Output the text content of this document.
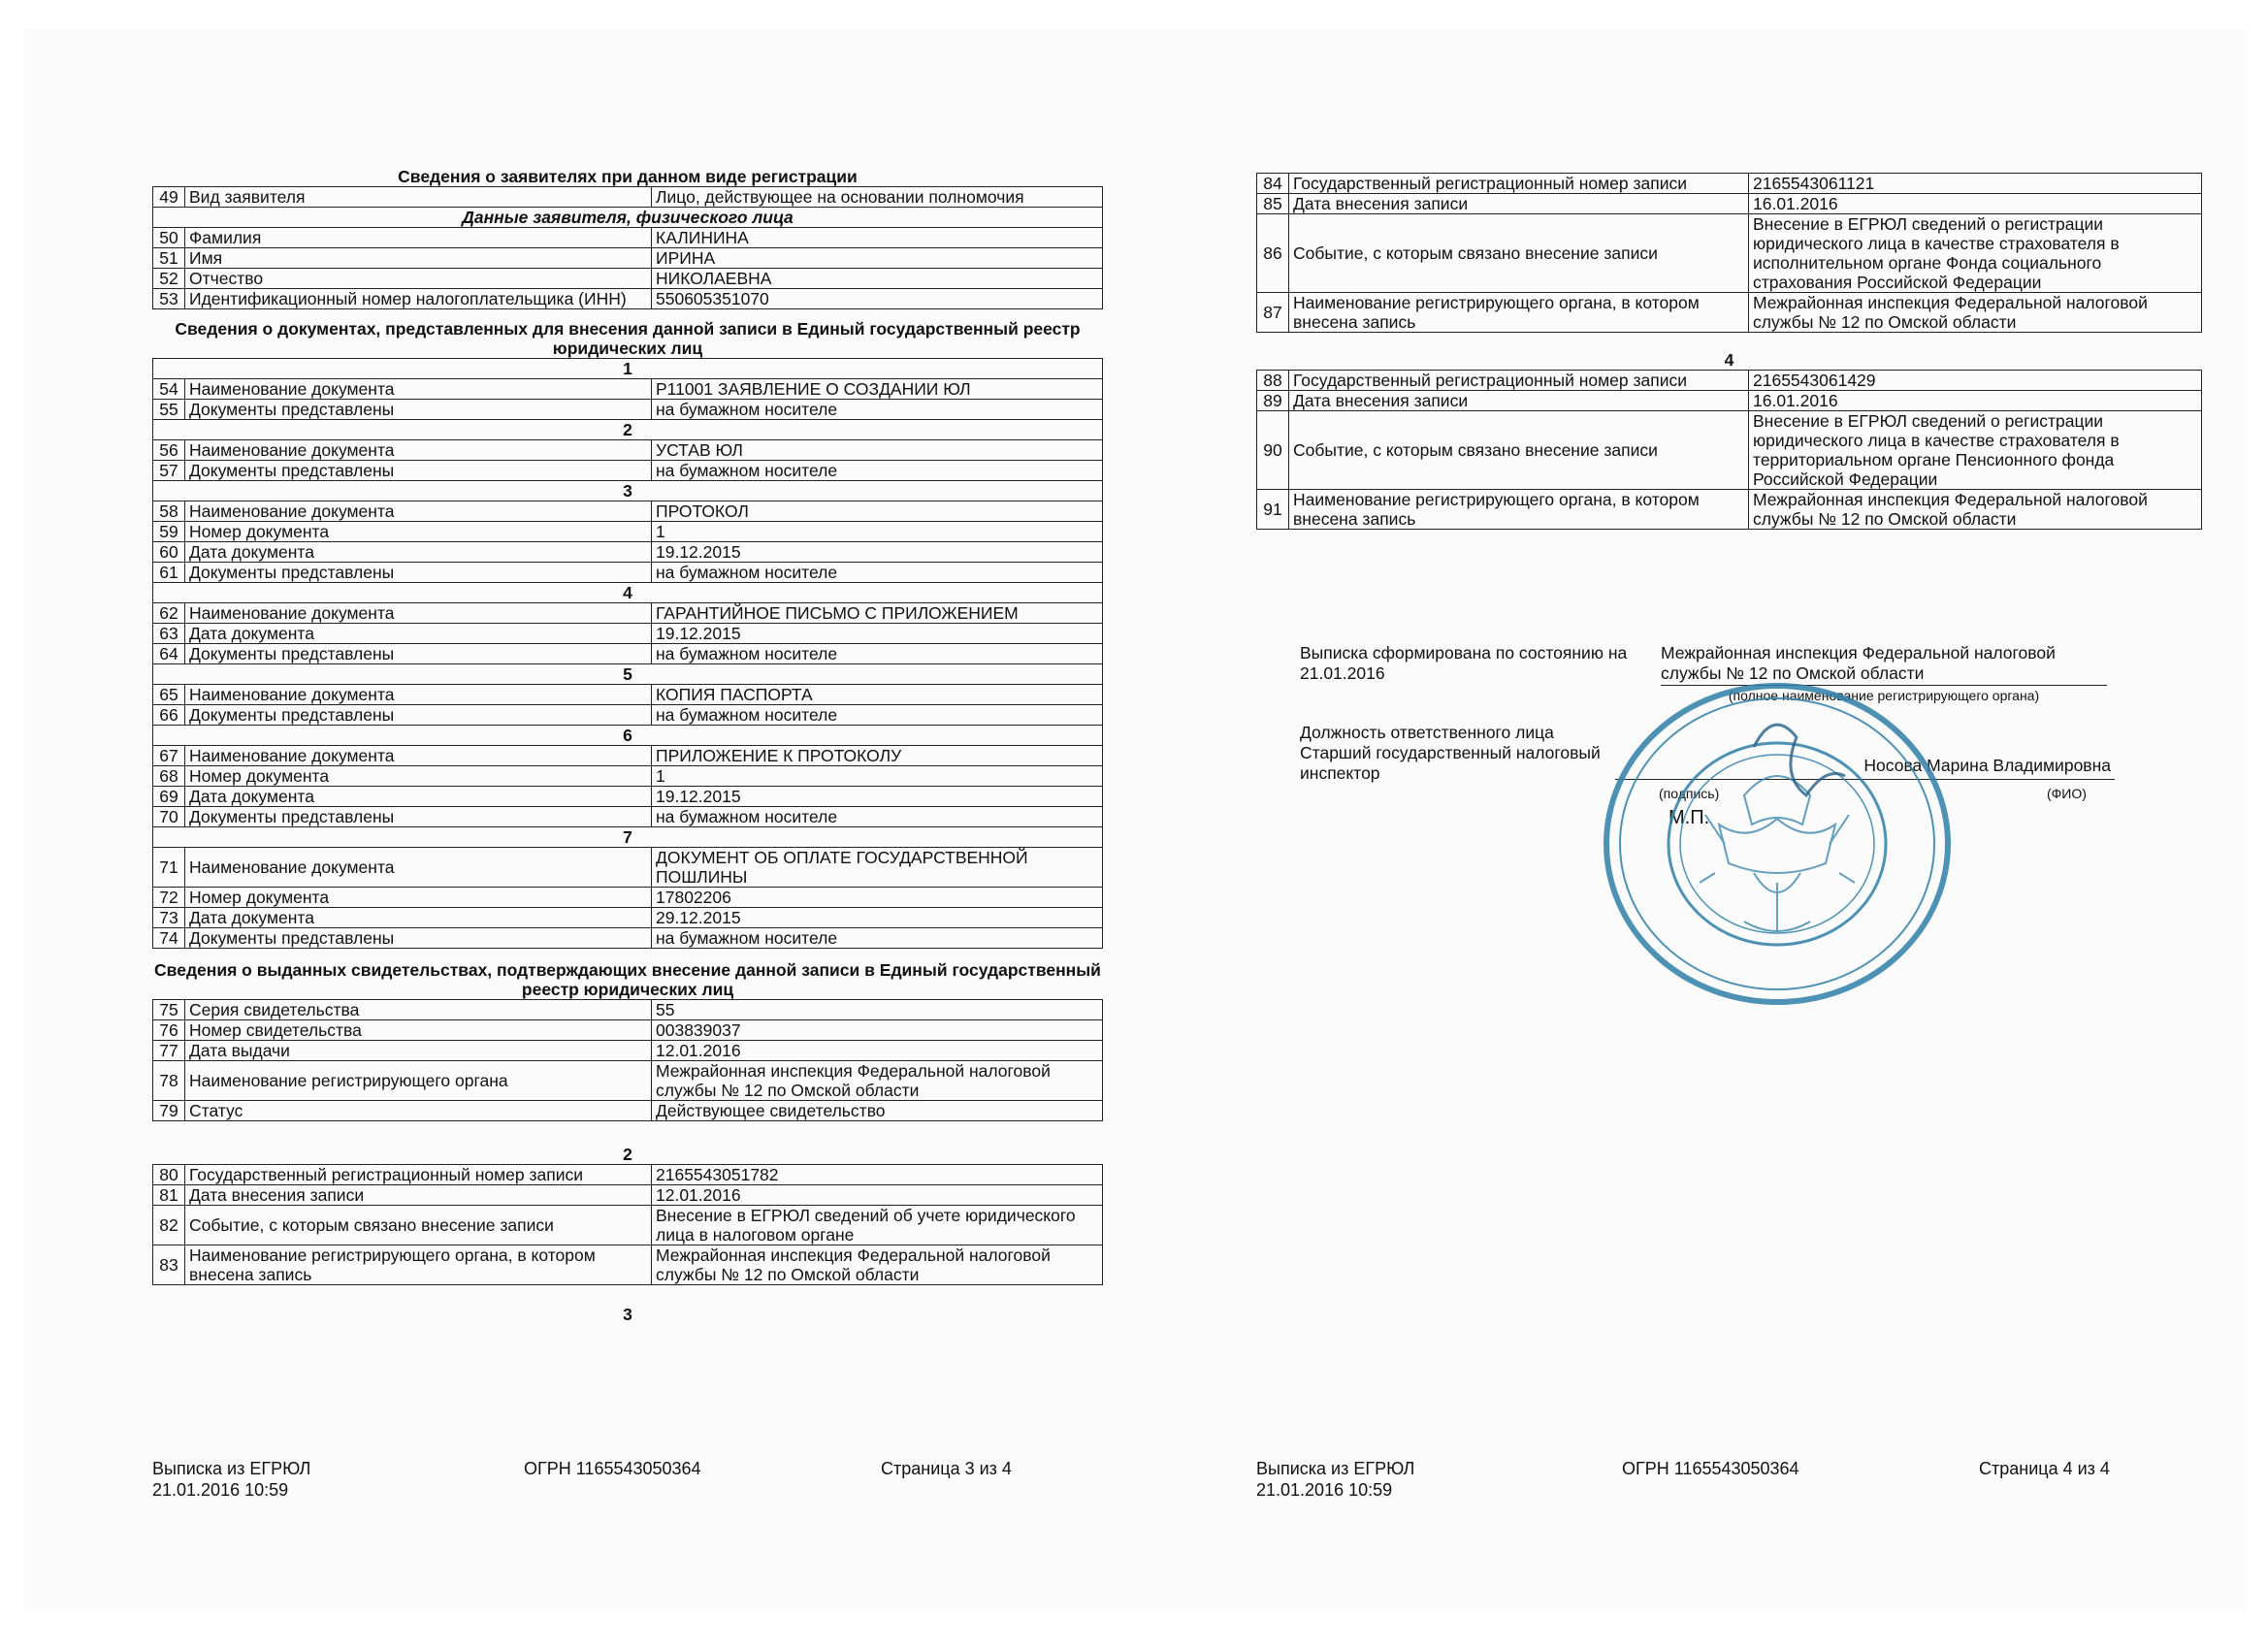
Сведения о заявителях при данном виде регистрации
49	Вид заявителя	Лицо, действующее на основании полномочия
Данные заявителя, физического лица		
50	Фамилия	КАЛИНИНА
51	Имя	ИРИНА
52	Отчество	НИКОЛАЕВНА
53	Идентификационный номер налогоплательщика (ИНН)	550605351070
Сведения о документах, представленных для внесения данной записи в Единый государственный реестр юридических лиц
1		
54	Наименование документа	Р11001 ЗАЯВЛЕНИЕ О СОЗДАНИИ ЮЛ
55	Документы представлены	на бумажном носителе
2		
56	Наименование документа	УСТАВ ЮЛ
57	Документы представлены	на бумажном носителе
3		
58	Наименование документа	ПРОТОКОЛ
59	Номер документа	1
60	Дата документа	19.12.2015
61	Документы представлены	на бумажном носителе
4		
62	Наименование документа	ГАРАНТИЙНОЕ ПИСЬМО С ПРИЛОЖЕНИЕМ
63	Дата документа	19.12.2015
64	Документы представлены	на бумажном носителе
5		
65	Наименование документа	КОПИЯ ПАСПОРТА
66	Документы представлены	на бумажном носителе
6		
67	Наименование документа	ПРИЛОЖЕНИЕ К ПРОТОКОЛУ
68	Номер документа	1
69	Дата документа	19.12.2015
70	Документы представлены	на бумажном носителе
7		
71	Наименование документа	ДОКУМЕНТ ОБ ОПЛАТЕ ГОСУДАРСТВЕННОЙ ПОШЛИНЫ
72	Номер документа	17802206
73	Дата документа	29.12.2015
74	Документы представлены	на бумажном носителе
Сведения о выданных свидетельствах, подтверждающих внесение данной записи в Единый государственный реестр юридических лиц
75	Серия свидетельства	55
76	Номер свидетельства	003839037
77	Дата выдачи	12.01.2016
78	Наименование регистрирующего органа	Межрайонная инспекция Федеральной налоговой службы № 12 по Омской области
79	Статус	Действующее свидетельство
2
80	Государственный регистрационный номер записи	2165543051782
81	Дата внесения записи	12.01.2016
82	Событие, с которым связано внесение записи	Внесение в ЕГРЮЛ сведений об учете юридического лица в налоговом органе
83	Наименование регистрирующего органа, в котором внесена запись	Межрайонная инспекция Федеральной налоговой службы № 12 по Омской области
3
Выписка из ЕГРЮЛ
21.01.2016 10:59
ОГРН 1165543050364	Страница 3 из 4
84	Государственный регистрационный номер записи	2165543061121
85	Дата внесения записи	16.01.2016
86	Событие, с которым связано внесение записи	Внесение в ЕГРЮЛ сведений о регистрации юридического лица в качестве страхователя в исполнительном органе Фонда социального страхования Российской Федерации
87	Наименование регистрирующего органа, в котором внесена запись	Межрайонная инспекция Федеральной налоговой службы № 12 по Омской области
4
88	Государственный регистрационный номер записи	2165543061429
89	Дата внесения записи	16.01.2016
90	Событие, с которым связано внесение записи	Внесение в ЕГРЮЛ сведений о регистрации юридического лица в качестве страхователя в территориальном органе Пенсионного фонда Российской Федерации
91	Наименование регистрирующего органа, в котором внесена запись	Межрайонная инспекция Федеральной налоговой службы № 12 по Омской области
Выписка сформирована по состоянию на 21.01.2016
Межрайонная инспекция Федеральной налоговой службы № 12 по Омской области
(полное наименование регистрирующего органа)
Должность ответственного лица
Старший государственный налоговый инспектор	Носова Марина Владимировна
(подпись)	(ФИО)
М.П.
Выписка из ЕГРЮЛ
21.01.2016 10:59
ОГРН 1165543050364	Страница 4 из 4
